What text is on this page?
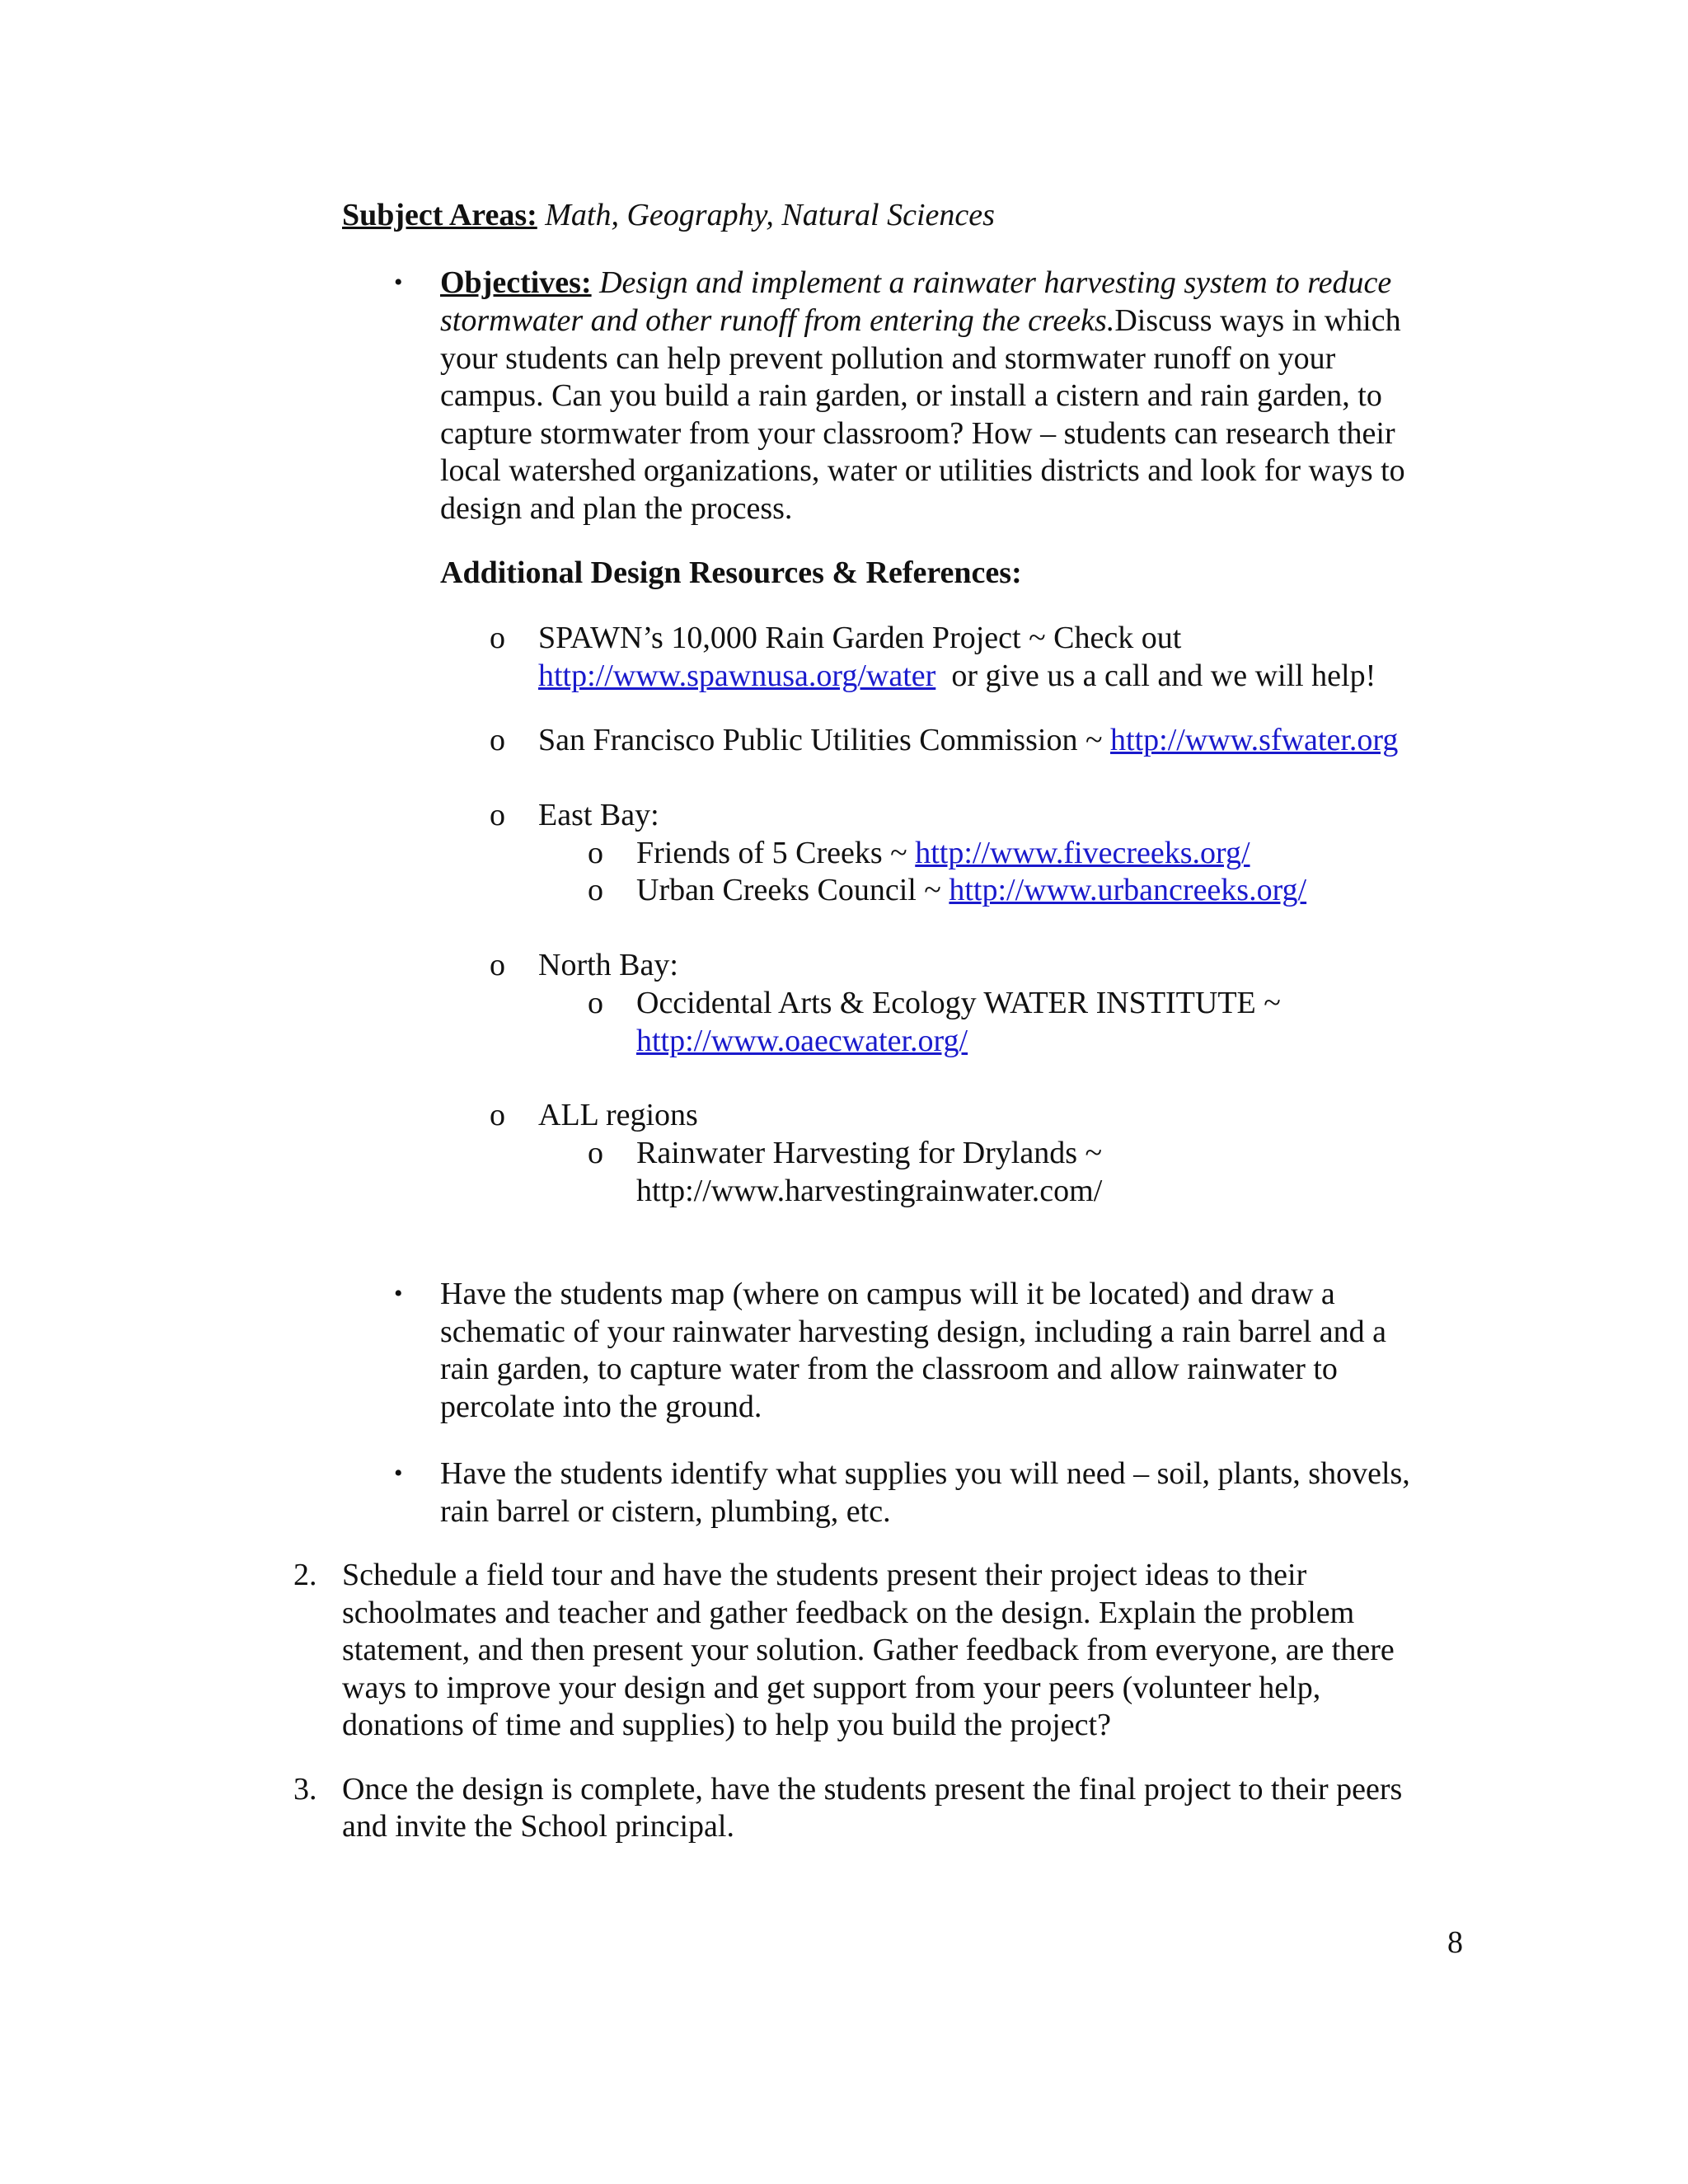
Subject Areas: Math, Geography, Natural Sciences
• Objectives: Design and implement a rainwater harvesting system to reduce
stormwater and other runoff from entering the creeks.Discuss ways in which
your students can help prevent pollution and stormwater runoff on your
campus. Can you build a rain garden, or install a cistern and rain garden, to
capture stormwater from your classroom? How – students can research their
local watershed organizations, water or utilities districts and look for ways to
design and plan the process.
Additional Design Resources & References:
o SPAWN’s 10,000 Rain Garden Project ~ Check out
http://www.spawnusa.org/water or give us a call and we will help!
o San Francisco Public Utilities Commission ~ http://www.sfwater.org
o East Bay:
o Friends of 5 Creeks ~ http://www.fivecreeks.org/
o Urban Creeks Council ~ http://www.urbancreeks.org/
o North Bay:
o Occidental Arts & Ecology WATER INSTITUTE ~
http://www.oaecwater.org/
o ALL regions
o Rainwater Harvesting for Drylands ~
http://www.harvestingrainwater.com/
• Have the students map (where on campus will it be located) and draw a
schematic of your rainwater harvesting design, including a rain barrel and a
rain garden, to capture water from the classroom and allow rainwater to
percolate into the ground.
• Have the students identify what supplies you will need – soil, plants, shovels,
rain barrel or cistern, plumbing, etc.
2. Schedule a field tour and have the students present their project ideas to their
schoolmates and teacher and gather feedback on the design. Explain the problem
statement, and then present your solution. Gather feedback from everyone, are there
ways to improve your design and get support from your peers (volunteer help,
donations of time and supplies) to help you build the project?
3. Once the design is complete, have the students present the final project to their peers
and invite the School principal.
8
